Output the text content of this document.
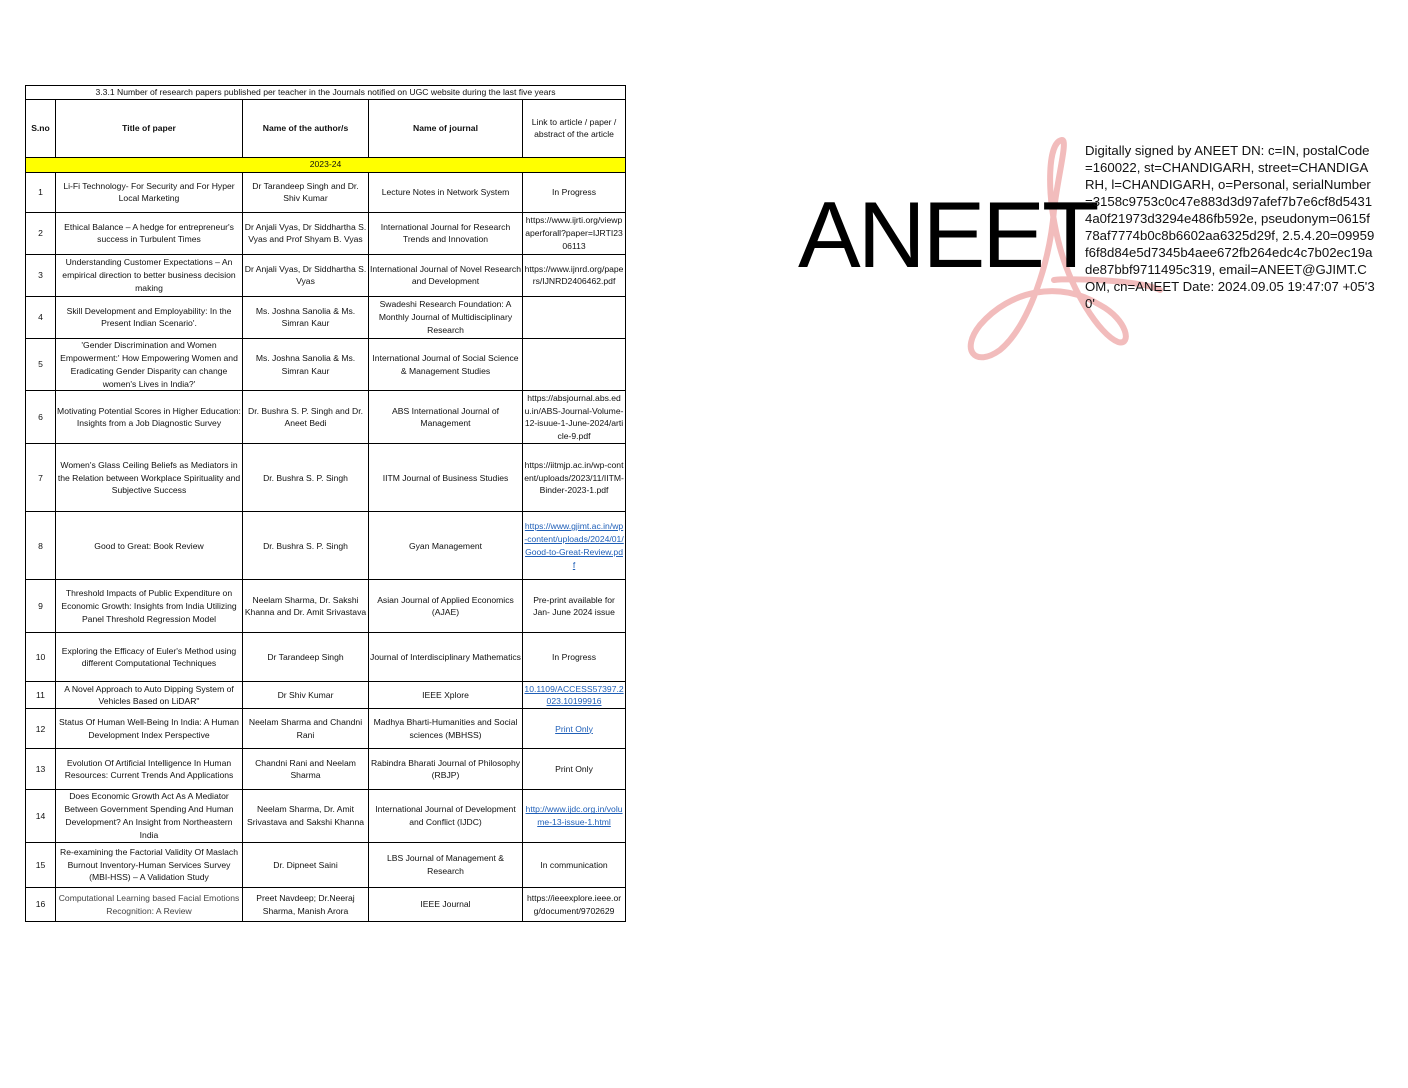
3.3.1 Number of research papers published per teacher in the Journals notified on UGC website during the last five years				
S.no	Title of paper	Name of the author/s	Name of journal	Link to article / paper / abstract of the article
2023-24				
1	Li-Fi Technology- For Security and For Hyper Local Marketing	Dr Tarandeep Singh and Dr. Shiv Kumar	Lecture Notes in Network System	In Progress
2	Ethical Balance – A hedge for entrepreneur's success in Turbulent Times	Dr Anjali Vyas, Dr Siddhartha S. Vyas and Prof Shyam B. Vyas	International Journal for Research Trends and Innovation	https://www.ijrti.org/viewpaperforall?paper=IJRTI2306113
3	Understanding Customer Expectations – An empirical direction to better business decision making	Dr Anjali Vyas, Dr Siddhartha S. Vyas	International Journal of Novel Research and Development	https://www.ijnrd.org/papers/IJNRD2406462.pdf
4	Skill Development and Employability: In the Present Indian Scenario'.	Ms. Joshna Sanolia & Ms. Simran Kaur	Swadeshi Research Foundation: A Monthly Journal of Multidisciplinary Research	
5	'Gender Discrimination and Women Empowerment:' How Empowering Women and Eradicating Gender Disparity can change women's Lives in India?'	Ms. Joshna Sanolia & Ms. Simran Kaur	International Journal of Social Science & Management Studies	
6	Motivating Potential Scores in Higher Education: Insights from a Job Diagnostic Survey	Dr. Bushra S. P. Singh and Dr. Aneet Bedi	ABS International Journal of Management	https://absjournal.abs.edu.in/ABS-Journal-Volume-12-isuue-1-June-2024/article-9.pdf
7	Women's Glass Ceiling Beliefs as Mediators in the Relation between Workplace Spirituality and Subjective Success	Dr. Bushra S. P. Singh	IITM Journal of Business Studies	https://iitmjp.ac.in/wp-content/uploads/2023/11/IITM-Binder-2023-1.pdf
8	Good to Great: Book Review	Dr. Bushra S. P. Singh	Gyan Management	https://www.gjimt.ac.in/wp-content/uploads/2024/01/Good-to-Great-Review.pdf
9	Threshold Impacts of Public Expenditure on Economic Growth: Insights from India Utilizing Panel Threshold Regression Model	Neelam Sharma, Dr. Sakshi Khanna and Dr. Amit Srivastava	Asian Journal of Applied Economics (AJAE)	Pre-print available for Jan- June 2024 issue
10	Exploring the Efficacy of Euler's Method using different Computational Techniques	Dr Tarandeep Singh	Journal of Interdisciplinary Mathematics	In Progress
11	A Novel Approach to Auto Dipping System of Vehicles Based on LiDAR"	Dr Shiv Kumar	IEEE Xplore	10.1109/ACCESS57397.2023.10199916
12	Status Of Human Well-Being In India: A Human Development Index Perspective	Neelam Sharma and Chandni Rani	Madhya Bharti-Humanities and Social sciences (MBHSS)	Print Only
13	Evolution Of Artificial Intelligence In Human Resources: Current Trends And Applications	Chandni Rani and Neelam Sharma	Rabindra Bharati Journal of Philosophy (RBJP)	Print Only
14	Does Economic Growth Act As A Mediator Between Government Spending And Human Development? An Insight from Northeastern India	Neelam Sharma, Dr. Amit Srivastava and Sakshi Khanna	International Journal of Development and Conflict (IJDC)	http://www.ijdc.org.in/volume-13-issue-1.html
15	Re-examining the Factorial Validity Of Maslach Burnout Inventory-Human Services Survey (MBI-HSS) – A Validation Study	Dr. Dipneet Saini	LBS Journal of Management & Research	In communication
16	Computational Learning based Facial Emotions Recognition: A Review	Preet Navdeep; Dr.Neeraj Sharma, Manish Arora	IEEE Journal	https://ieeexplore.ieee.org/document/9702629
ANEET
Digitally signed by ANEET DN: c=IN, postalCode=160022, st=CHANDIGARH, street=CHANDIGARH, l=CHANDIGARH, o=Personal, serialNumber=3158c9753c0c47e883d3d97afef7b7e6cf8d54314a0f21973d3294e486fb592e, pseudonym=0615f78af7774b0c8b6602aa6325d29f, 2.5.4.20=09959f6f8d84e5d7345b4aee672fb264edc4c7b02ec19ade87bbf9711495c319, email=ANEET@GJIMT.COM, cn=ANEET Date: 2024.09.05 19:47:07 +05'30'
